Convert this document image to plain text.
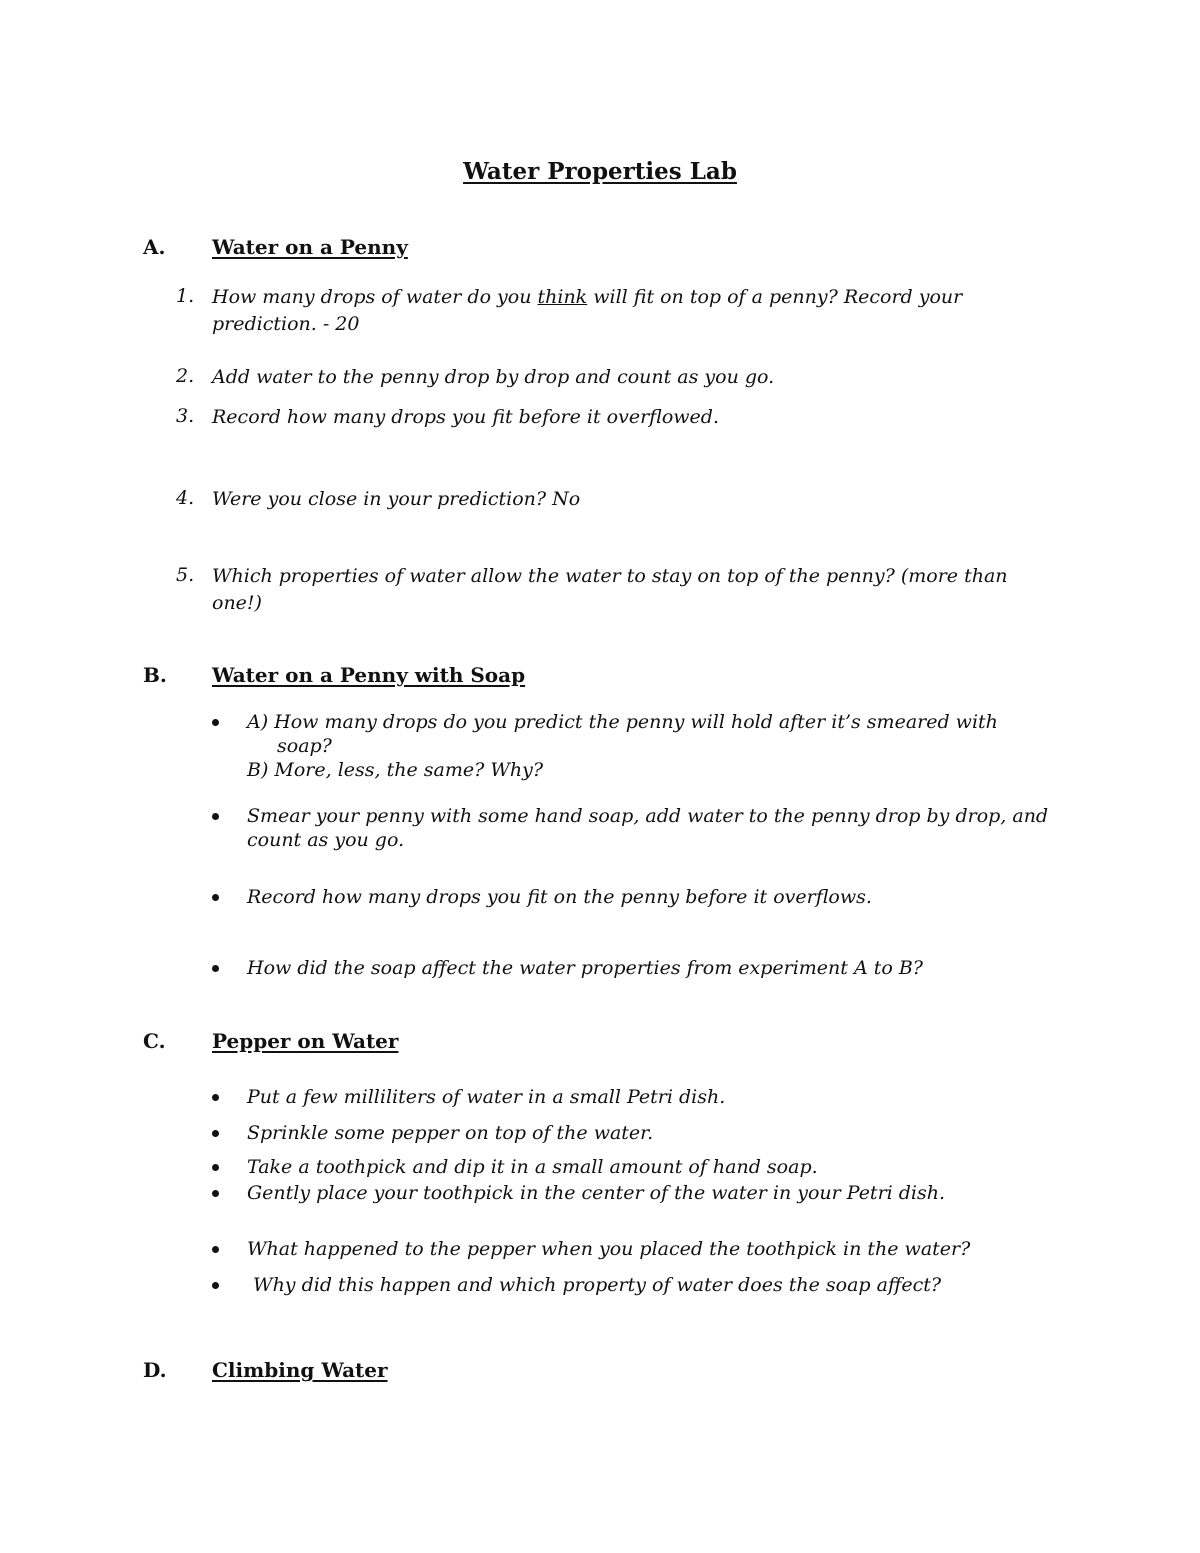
Water Properties Lab
A. Water on a Penny
1. How many drops of water do you think will fit on top of a penny? Record your
prediction. - 20
2. Add water to the penny drop by drop and count as you go.
3. Record how many drops you fit before it overflowed.
4. Were you close in your prediction? No
5. Which properties of water allow the water to stay on top of the penny? (more than
one!)
B. Water on a Penny with Soap
A) How many drops do you predict the penny will hold after it’s smeared with
soap?
B) More, less, the same? Why?
Smear your penny with some hand soap, add water to the penny drop by drop, and
count as you go.
Record how many drops you fit on the penny before it overflows.
How did the soap affect the water properties from experiment A to B?
C. Pepper on Water
Put a few milliliters of water in a small Petri dish.
Sprinkle some pepper on top of the water.
Take a toothpick and dip it in a small amount of hand soap.
Gently place your toothpick in the center of the water in your Petri dish.
What happened to the pepper when you placed the toothpick in the water?
Why did this happen and which property of water does the soap affect?
D. Climbing Water
